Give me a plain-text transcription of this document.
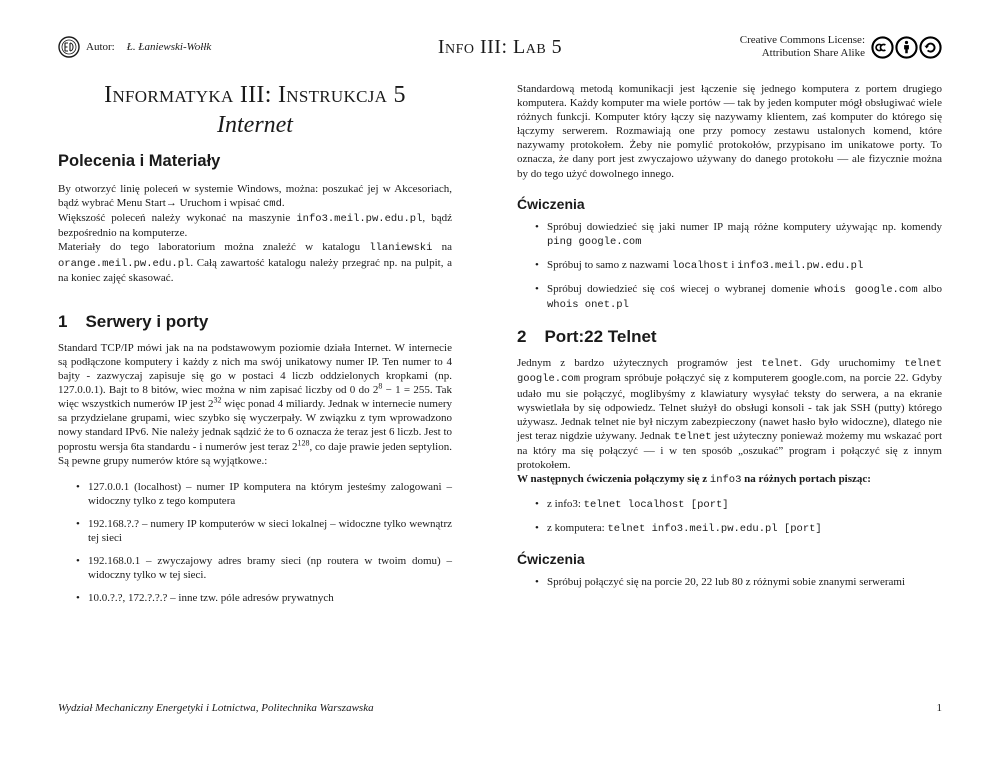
Autor: Ł. Łaniewski-Wołłk	Info III: Lab 5	Creative Commons License:
Attribution Share Alike
Informatyka III: Instrukcja 5
Internet
Polecenia i Materiały

By otworzyć linię poleceń w systemie Windows, można: poszukać jej w Akcesoriach, bądź wybrać Menu Start→ Uruchom i wpisać cmd.

Większość poleceń należy wykonać na maszynie info3.meil.pw.edu.pl, bądź bezpośrednio na komputerze.

Materiały do tego laboratorium można znaleźć w katalogu llaniewski na orange.meil.pw.edu.pl. Całą zawartość katalogu należy przegrać np. na pulpit, a na koniec zajęć skasować.

1 Serwery i porty

Standard TCP/IP mówi jak na na podstawowym poziomie działa Internet. W internecie są podłączone komputery i każdy z nich ma swój unikatowy numer IP. Ten numer to 4 bajty - zazwyczaj zapisuje się go w postaci 4 liczb oddzielonych kropkami (np. 127.0.0.1). Bajt to 8 bitów, wiec można w nim zapisać liczby od 0 do $2^8 - 1 = 255$. Tak więc wszystkich numerów IP jest $2^{32}$ więc ponad 4 miliardy. Jednak w internecie numery sa przydzielane grupami, wiec szybko się wyczerpały. W związku z tym wprowadzono nowy standard IPv6. Nie należy jednak sądzić że to 6 oznacza że teraz jest 6 liczb. Jest to poprostu wersja 6ta standardu - i numerów jest teraz $2^{128}$, co daje prawie jeden septylion. Są pewne grupy numerów które są wyjątkowe.:

• 127.0.0.1 (localhost) – numer IP komputera na którym jesteśmy zalogowani – widoczny tylko z tego komputera
• 192.168.?.? – numery IP komputerów w sieci lokalnej – widoczne tylko wewnątrz tej sieci
• 192.168.0.1 – zwyczajowy adres bramy sieci (np routera w twoim domu) – widoczny tylko w tej sieci.
• 10.0.?.?, 172.?.?.? – inne tzw. póle adresów prywatnych

Standardową metodą komunikacji jest łączenie się jednego komputera z portem drugiego komputera. Każdy komputer ma wiele portów — tak by jeden komputer mógł obsługiwać wiele różnych funkcji. Komputer który łączy się nazywamy klientem, zaś komputer do którego się łączymy serwerem. Rozmawiają one przy pomocy zestawu ustalonych komend, które nazywamy protokołem. Żeby nie pomylić protokołów, przypisano im unikatowe porty. To oznacza, że dany port jest zwyczajowo używany do danego protokołu — ale fizycznie można by do tego użyć dowolnego innego.

Ćwiczenia
• Spróbuj dowiedzieć się jaki numer IP mają różne komputery używając np. komendy ping google.com
• Spróbuj to samo z nazwami localhost i info3.meil.pw.edu.pl
• Spróbuj dowiedzieć się coś wiecej o wybranej domenie whois google.com albo whois onet.pl
2 Port:22 Telnet

Jednym z bardzo użytecznych programów jest telnet. Gdy uruchomimy telnet google.com program spróbuje połączyć się z komputerem google.com, na porcie 22. Gdyby udało mu sie połączyć, moglibyśmy z klawiatury wysyłać teksty do serwera, a na ekranie wyswietlała by się odpowiedz. Telnet służył do obsługi konsoli - tak jak SSH (putty) którego używasz. Jednak telnet nie był niczym zabezpieczony (nawet hasło było widoczne), dlatego nie jest teraz nigdzie używany. Jednak telnet jest użyteczny ponieważ możemy mu wskazać port na który ma się połączyć — i w ten sposób „oszukać” program i połączyć się z innym protokołem.

W następnych ćwiczenia połączymy się z info3 na różnych portach pisząc:

• z info3: telnet localhost [port]
• z komputera: telnet info3.meil.pw.edu.pl [port]
Ćwiczenia
• Spróbuj połączyć się na porcie 20, 22 lub 80 z różnymi sobie znanymi serwerami
Wydział Mechaniczny Energetyki i Lotnictwa, Politechnika Warszawska	1
